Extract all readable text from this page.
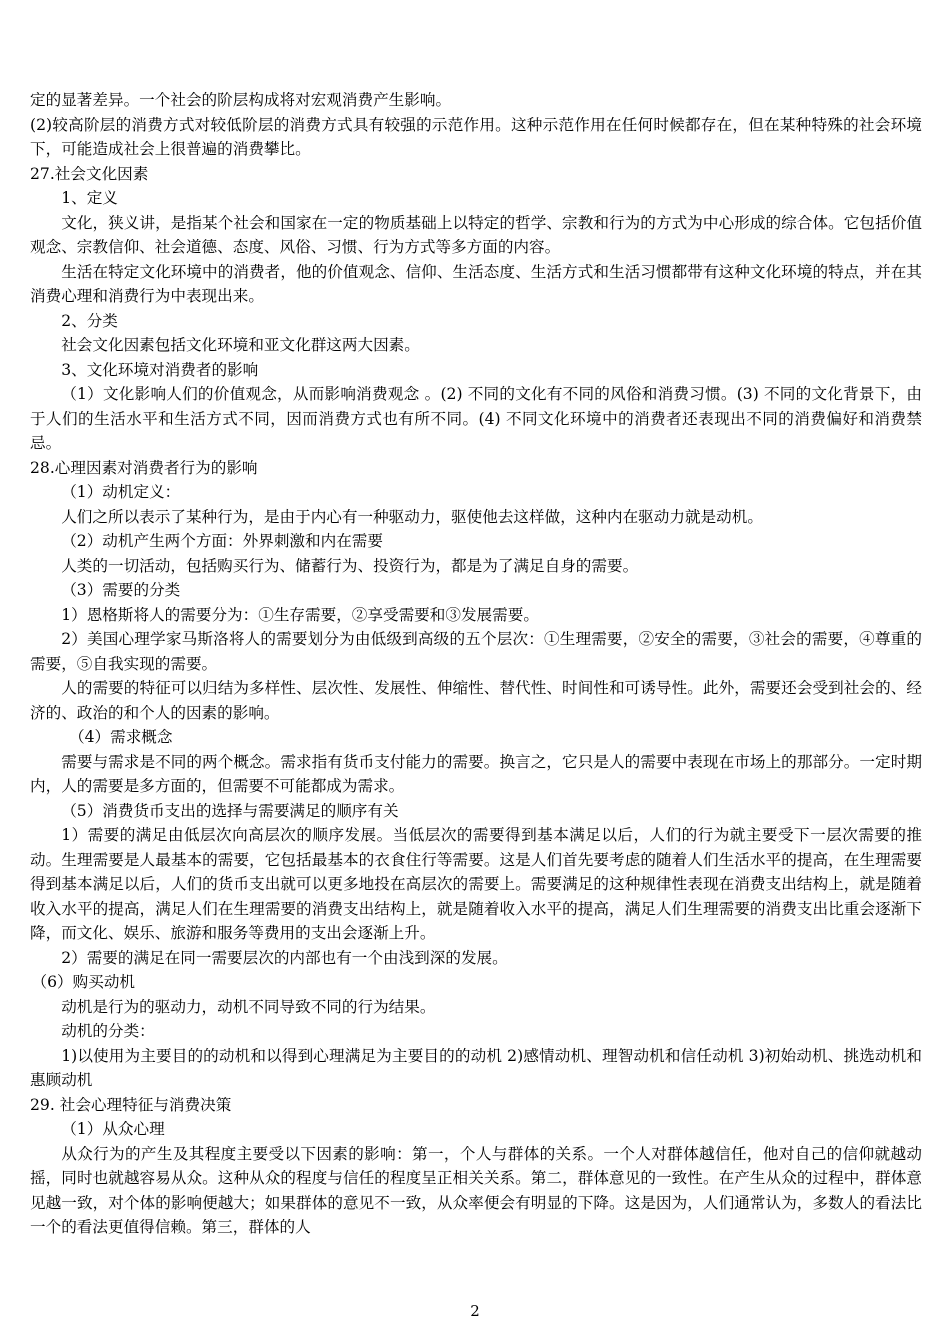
定的显著差异。一个社会的阶层构成将对宏观消费产生影响。

(2)较高阶层的消费方式对较低阶层的消费方式具有较强的示范作用。这种示范作用在任何时候都存在，但在某种特殊的社会环境下，可能造成社会上很普遍的消费攀比。

27.社会文化因素

1、定义

文化，狭义讲，是指某个社会和国家在一定的物质基础上以特定的哲学、宗教和行为的方式为中心形成的综合体。它包括价值观念、宗教信仰、社会道德、态度、风俗、习惯、行为方式等多方面的内容。

生活在特定文化环境中的消费者，他的价值观念、信仰、生活态度、生活方式和生活习惯都带有这种文化环境的特点，并在其消费心理和消费行为中表现出来。

2、分类

社会文化因素包括文化环境和亚文化群这两大因素。

3、文化环境对消费者的影响

（1）文化影响人们的价值观念，从而影响消费观念 。(2) 不同的文化有不同的风俗和消费习惯。(3) 不同的文化背景下，由于人们的生活水平和生活方式不同，因而消费方式也有所不同。(4) 不同文化环境中的消费者还表现出不同的消费偏好和消费禁忌。

28.心理因素对消费者行为的影响

（1）动机定义：

人们之所以表示了某种行为，是由于内心有一种驱动力，驱使他去这样做，这种内在驱动力就是动机。

（2）动机产生两个方面：外界刺激和内在需要

人类的一切活动，包括购买行为、储蓄行为、投资行为，都是为了满足自身的需要。

（3）需要的分类

1）恩格斯将人的需要分为：①生存需要，②享受需要和③发展需要。

2）美国心理学家马斯洛将人的需要划分为由低级到高级的五个层次：①生理需要，②安全的需要，③社会的需要，④尊重的需要，⑤自我实现的需要。

人的需要的特征可以归结为多样性、层次性、发展性、伸缩性、替代性、时间性和可诱导性。此外，需要还会受到社会的、经济的、政治的和个人的因素的影响。

（4）需求概念

需要与需求是不同的两个概念。需求指有货币支付能力的需要。换言之，它只是人的需要中表现在市场上的那部分。一定时期内，人的需要是多方面的，但需要不可能都成为需求。

（5）消费货币支出的选择与需要满足的顺序有关

1）需要的满足由低层次向高层次的顺序发展。当低层次的需要得到基本满足以后，人们的行为就主要受下一层次需要的推动。生理需要是人最基本的需要，它包括最基本的衣食住行等需要。这是人们首先要考虑的随着人们生活水平的提高，在生理需要得到基本满足以后，人们的货币支出就可以更多地投在高层次的需要上。需要满足的这种规律性表现在消费支出结构上，就是随着收入水平的提高，满足人们在生理需要的消费支出结构上，就是随着收入水平的提高，满足人们生理需要的消费支出比重会逐渐下降，而文化、娱乐、旅游和服务等费用的支出会逐渐上升。

2）需要的满足在同一需要层次的内部也有一个由浅到深的发展。

（6）购买动机

动机是行为的驱动力，动机不同导致不同的行为结果。

动机的分类：

1)以使用为主要目的的动机和以得到心理满足为主要目的的动机 2)感情动机、理智动机和信任动机 3)初始动机、挑选动机和惠顾动机

29. 社会心理特征与消费决策

（1）从众心理

从众行为的产生及其程度主要受以下因素的影响：第一，个人与群体的关系。一个人对群体越信任，他对自己的信仰就越动摇，同时也就越容易从众。这种从众的程度与信任的程度呈正相关关系。第二，群体意见的一致性。在产生从众的过程中，群体意见越一致，对个体的影响便越大；如果群体的意见不一致，从众率便会有明显的下降。这是因为，人们通常认为，多数人的看法比一个的看法更值得信赖。第三，群体的人

2
